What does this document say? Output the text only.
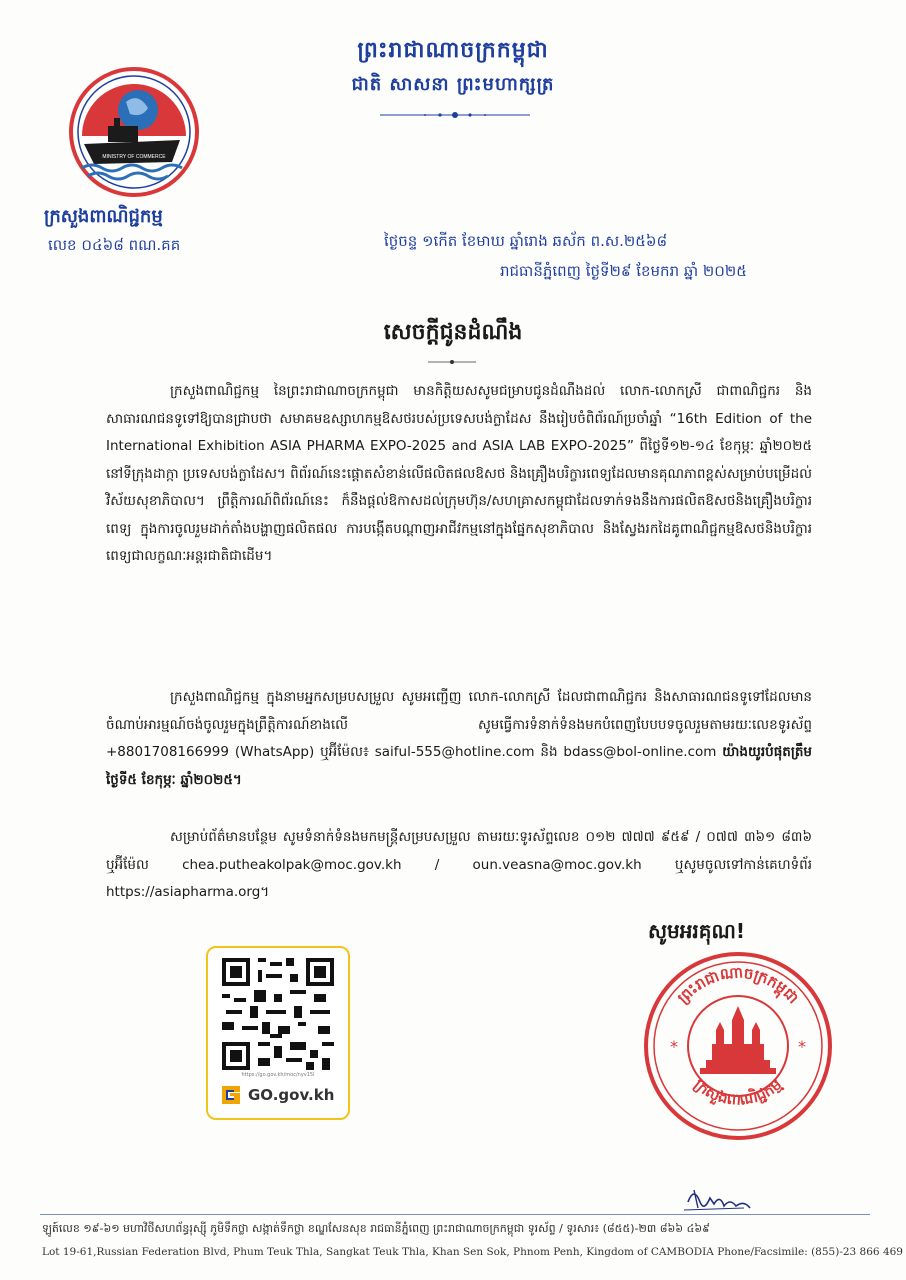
ព្រះរាជាណាចក្រកម្ពុជា
ជាតិ សាសនា ព្រះមហាក្សត្រ
MINISTRY OF COMMERCE
ក្រសួងពាណិជ្ជកម្ម
លេខ ០៤៦៨ ពណ.គគ	ថ្ងៃចន្ទ ១កើត ខែមាឃ ឆ្នាំរោង ឆស័ក ព.ស.២៥៦៨
រាជធានីភ្នំពេញ ថ្ងៃទី២៩ ខែមករា ឆ្នាំ ២០២៥
សេចក្តីជូនដំណឹង
ក្រសួងពាណិជ្ជកម្ម នៃព្រះរាជាណាចក្រកម្ពុជា មានកិត្តិយសសូមជម្រាបជូនដំណឹងដល់ លោក-លោកស្រី ជាពាណិជ្ជករ និងសាធារណជនទូទៅឱ្យបានជ្រាបថា សមាគមឧស្សាហកម្មឱសថរបស់ប្រទេសបង់ក្លាដែស នឹងរៀបចំពិព័រណ៍ប្រចាំឆ្នាំ “16th Edition of the International Exhibition ASIA PHARMA EXPO-2025 and ASIA LAB EXPO-2025” ពីថ្ងៃទី១២-១៤ ខែកុម្ភៈ ឆ្នាំ២០២៥ នៅទីក្រុងដាក្កា ប្រទេសបង់ក្លាដែស។ ពិព័រណ៍នេះផ្តោតសំខាន់លើផលិតផលឱសថ និងគ្រឿងបរិក្ខារពេទ្យដែលមានគុណភាពខ្ពស់សម្រាប់បម្រើដល់វិស័យសុខាភិបាល។ ព្រឹត្តិការណ៍ពិព័រណ៍នេះ ក៏នឹងផ្តល់ឱកាសដល់ក្រុមហ៊ុន/សហគ្រាសកម្ពុជាដែលទាក់ទងនឹងការផលិតឱសថនិងគ្រឿងបរិក្ខារពេទ្យ ក្នុងការចូលរួមដាក់តាំងបង្ហាញផលិតផល ការបង្កើតបណ្តាញអាជីវកម្មនៅក្នុងផ្នែកសុខាភិបាល និងស្វែងរកដៃគូពាណិជ្ជកម្មឱសថនិងបរិក្ខារពេទ្យជាលក្ខណៈអន្តរជាតិជាដើម។
ក្រសួងពាណិជ្ជកម្ម ក្នុងនាមអ្នកសម្របសម្រួល សូមអញ្ជើញ លោក-លោកស្រី ដែលជាពាណិជ្ជករ និងសាធារណជនទូទៅដែលមានចំណាប់អារម្មណ៍ចង់ចូលរួមក្នុងព្រឹត្តិការណ៍ខាងលើ សូមធ្វើការទំនាក់ទំនងមកបំពេញបែបបទចូលរួមតាមរយៈលេខទូរស័ព្ទ +8801708166999 (WhatsApp) ឬអ៊ីម៉ែល៖ saiful-555@hotline.com និង bdass@bol-online.com យ៉ាងយូរបំផុតត្រឹមថ្ងៃទី៥ ខែកុម្ភៈ ឆ្នាំ២០២៥។
សម្រាប់ព័ត៌មានបន្ថែម សូមទំនាក់ទំនងមកមន្ត្រីសម្របសម្រួល តាមរយៈទូរស័ព្ទលេខ ០១២ ៧៧៧ ៩៥៩ / ០៧៧ ៣៦១ ៨៣៦ ឬអ៊ីម៉ែល chea.putheakolpak@moc.gov.kh / oun.veasna@moc.gov.kh ឬសូមចូលទៅកាន់គេហទំព័រ https://asiapharma.org។
សូមអរគុណ!
https://go.gov.kh/moc/nyv15l
GO.gov.kh
ព្រះរាជាណាចក្រកម្ពុជា
ក្រសួងពាណិជ្ជកម្ម
*	*
ឡូត៍លេខ ១៩-៦១ មហាវិថីសហព័ន្ធរុស្ស៊ី ភូមិទឹកថ្លា សង្កាត់ទឹកថ្លា ខណ្ឌសែនសុខ រាជធានីភ្នំពេញ ព្រះរាជាណាចក្រកម្ពុជា ទូរស័ព្ទ / ទូរសារ៖ (៨៥៥)-២៣ ៨៦៦ ៤៦៩
Lot 19-61,Russian Federation Blvd, Phum Teuk Thla, Sangkat Teuk Thla, Khan Sen Sok, Phnom Penh, Kingdom of CAMBODIA Phone/Facsimile: (855)-23 866 469
